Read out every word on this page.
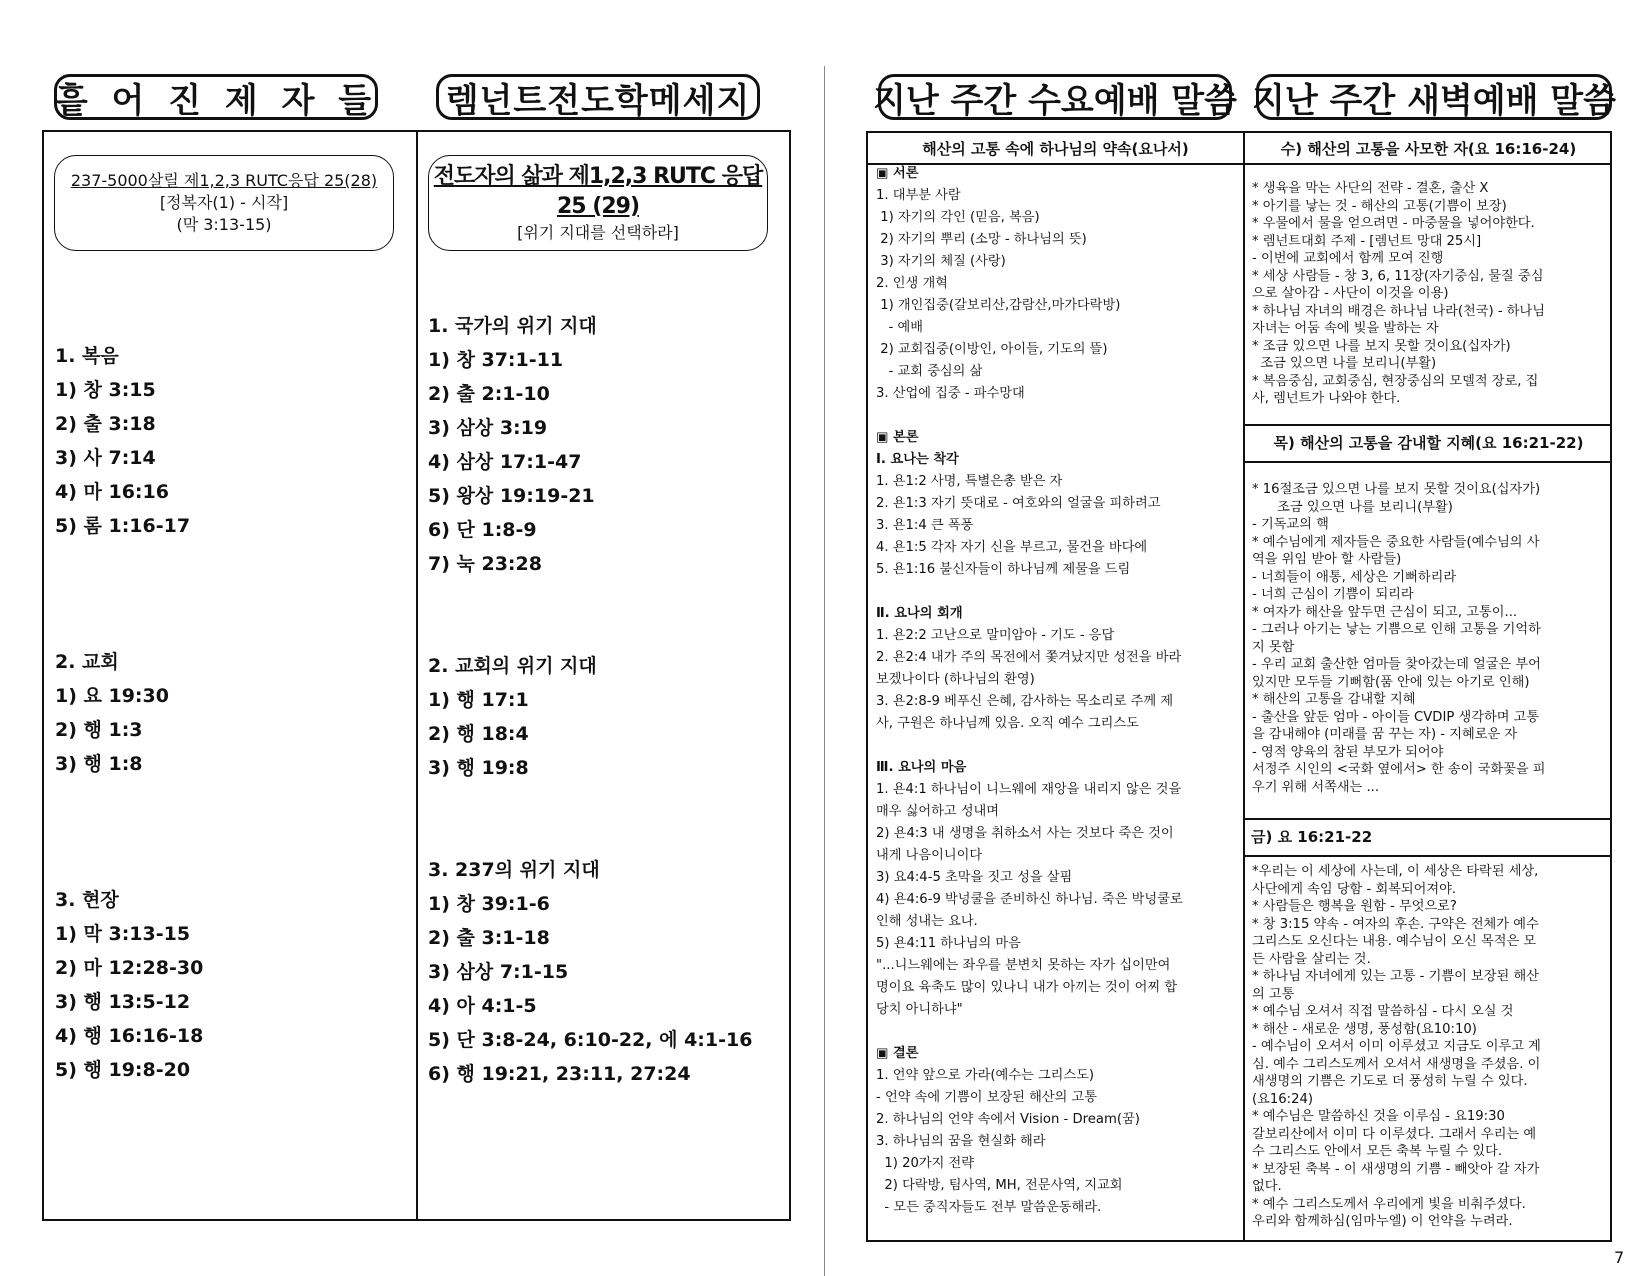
흩 어 진 제 자 들 렘넌트전도학메세지	지난 주간 수요예배 말씀 지난 주간 새벽예배 말씀
237-5000살릴 제1,2,3 RUTC응답 25(28)
[정복자(1) - 시작]
(막 3:13-15)
전도자의 삶과 제1,2,3 RUTC 응답 25 (29)
[위기 지대를 선택하라]
1. 복음
1) 창 3:15
2) 출 3:18
3) 사 7:14
4) 마 16:16
5) 롬 1:16-17
2. 교회
1) 요 19:30
2) 행 1:3
3) 행 1:8
3. 현장
1) 막 3:13-15
2) 마 12:28-30
3) 행 13:5-12
4) 행 16:16-18
5) 행 19:8-20
1. 국가의 위기 지대
1) 창 37:1-11
2) 출 2:1-10
3) 삼상 3:19
4) 삼상 17:1-47
5) 왕상 19:19-21
6) 단 1:8-9
7) 눅 23:28
2. 교회의 위기 지대
1) 행 17:1
2) 행 18:4
3) 행 19:8
3. 237의 위기 지대
1) 창 39:1-6
2) 출 3:1-18
3) 삼상 7:1-15
4) 아 4:1-5
5) 단 3:8-24, 6:10-22, 에 4:1-16
6) 행 19:21, 23:11, 27:24
해산의 고통 속에 하나님의 약속(요나서)
▣ 서론
1. 대부분 사람
1) 자기의 각인 (믿음, 복음)
2) 자기의 뿌리 (소망 - 하나님의 뜻)
3) 자기의 체질 (사랑)
2. 인생 개혁
1) 개인집중(갈보리산,감람산,마가다락방)
- 예배
2) 교회집중(이방인, 아이들, 기도의 뜰)
- 교회 중심의 삶
3. 산업에 집중 - 파수망대

▣ 본론
Ⅰ. 요나는 착각
1. 욘1:2 사명, 특별은총 받은 자
2. 욘1:3 자기 뜻대로 - 여호와의 얼굴을 피하려고
3. 욘1:4 큰 폭풍
4. 욘1:5 각자 자기 신을 부르고, 물건을 바다에
5. 욘1:16 불신자들이 하나님께 제물을 드림

Ⅱ. 요나의 회개
1. 욘2:2 고난으로 말미암아 - 기도 - 응답
2. 욘2:4 내가 주의 목전에서 쫓겨났지만 성전을 바라
보겠나이다 (하나님의 환영)
3. 욘2:8-9 베푸신 은혜, 감사하는 목소리로 주께 제
사, 구원은 하나님께 있음. 오직 예수 그리스도

Ⅲ. 요나의 마음
1. 욘4:1 하나님이 니느웨에 재앙을 내리지 않은 것을
매우 싫어하고 성내며
2) 욘4:3 내 생명을 취하소서 사는 것보다 죽은 것이
내게 나음이니이다
3) 요4:4-5 초막을 짓고 성을 살핌
4) 욘4:6-9 박넝쿨을 준비하신 하나님. 죽은 박넝쿨로
인해 성내는 요나.
5) 욘4:11 하나님의 마음
"...니느웨에는 좌우를 분변치 못하는 자가 십이만여
명이요 육축도 많이 있나니 내가 아끼는 것이 어찌 합
당치 아니하냐"

▣ 결론
1. 언약 앞으로 가라(예수는 그리스도)
- 언약 속에 기쁨이 보장된 해산의 고통
2. 하나님의 언약 속에서 Vision - Dream(꿈)
3. 하나님의 꿈을 현실화 해라
1) 20가지 전략
2) 다락방, 팀사역, MH, 전문사역, 지교회
- 모든 중직자들도 전부 말씀운동해라.
수) 해산의 고통을 사모한 자(요 16:16-24)
* 생육을 막는 사단의 전략 - 결혼, 출산 X
* 아기를 낳는 것 - 해산의 고통(기쁨이 보장)
* 우물에서 물을 얻으려면 - 마중물을 넣어야한다.
* 렘넌트대회 주제 - [렘넌트 망대 25시]
- 이번에 교회에서 함께 모여 진행
* 세상 사람들 - 창 3, 6, 11장(자기중심, 물질 중심
으로 살아감 - 사단이 이것을 이용)
* 하나님 자녀의 배경은 하나님 나라(천국) - 하나님
자녀는 어둠 속에 빛을 발하는 자
* 조금 있으면 나를 보지 못할 것이요(십자가)
조금 있으면 나를 보리니(부활)
* 복음중심, 교회중심, 현장중심의 모델적 장로, 집
사, 렘넌트가 나와야 한다.
목) 해산의 고통을 감내할 지혜(요 16:21-22)
* 16절조금 있으면 나를 보지 못할 것이요(십자가)
조금 있으면 나를 보리니(부활)
- 기독교의 핵
* 예수님에게 제자들은 중요한 사람들(예수님의 사
역을 위임 받아 할 사람들)
- 너희들이 애통, 세상은 기뻐하리라
- 너희 근심이 기쁨이 되리라
* 여자가 해산을 앞두면 근심이 되고, 고통이...
- 그러나 아기는 낳는 기쁨으로 인해 고통을 기억하
지 못함
- 우리 교회 출산한 엄마들 찾아갔는데 얼굴은 부어
있지만 모두들 기뻐함(품 안에 있는 아기로 인해)
* 해산의 고통을 감내할 지혜
- 출산을 앞둔 엄마 - 아이들 CVDIP 생각하며 고통
을 감내해야 (미래를 꿈 꾸는 자) - 지혜로운 자
- 영적 양육의 참된 부모가 되어야
서정주 시인의 <국화 옆에서> 한 송이 국화꽃을 피
우기 위해 서쪽새는 ...
금) 요 16:21-22
*우리는 이 세상에 사는데, 이 세상은 타락된 세상,
사단에게 속임 당함 - 회복되어져야.
* 사람들은 행복을 원함 - 무엇으로?
* 창 3:15 약속 - 여자의 후손. 구약은 전체가 예수
그리스도 오신다는 내용. 예수님이 오신 목적은 모
든 사람을 살리는 것.
* 하나님 자녀에게 있는 고통 - 기쁨이 보장된 해산
의 고통
* 예수님 오셔서 직접 말씀하심 - 다시 오실 것
* 해산 - 새로운 생명, 풍성함(요10:10)
- 예수님이 오셔서 이미 이루셨고 지금도 이루고 계
심. 예수 그리스도께서 오셔서 새생명을 주셨음. 이
새생명의 기쁨은 기도로 더 풍성히 누릴 수 있다.
(요16:24)
* 예수님은 말씀하신 것을 이루심 - 요19:30
갈보리산에서 이미 다 이루셨다. 그래서 우리는 예
수 그리스도 안에서 모든 축복 누릴 수 있다.
* 보장된 축복 - 이 새생명의 기쁨 - 빼앗아 갈 자가
없다.
* 예수 그리스도께서 우리에게 빛을 비춰주셨다.
우리와 함께하심(임마누엘) 이 언약을 누려라.
7
